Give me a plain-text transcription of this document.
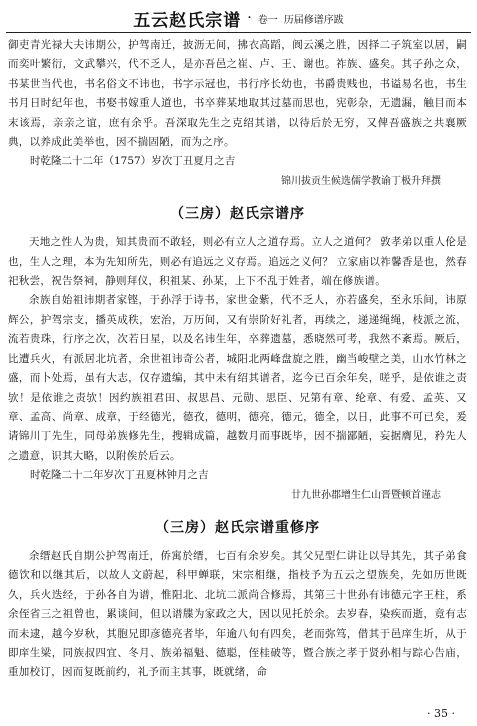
五云赵氏宗谱 · 卷一 历届修谱序跋

御吏青光禄大夫讳期公，护驾南迁，披沥无间，拂衣高蹈，阆云溪之胜，因择二子筑室以居，嗣而奕叶繁衍，文武攀兴，代不乏人，是亦吾邑之崔、卢、王、谢也。祚族、盛矣。其子孙之众，书某世当代也，书名俗文不讳也，书字示冠也，书行序长幼也，书爵贵贱也，书谥易名也，书生书月日时纪年也，书娶书嫁重人道也，书卒葬某地取其过墓而思也，宪彰杂，无遗漏，触目而本末该焉，亲亲之谊，庶有余乎。吾深取先生之克绍其谱，以待后於无穷，又俾吾盛族之共襄厥典，以养成此美举也，因不揣固陋，而为之序。

时乾隆二十二年（1757）岁次丁丑夏月之吉
锦川拔贡生候选儒学教谕丁极升拜撰
（三房）赵氏宗谱序

天地之性人为贵，知其贵而不敢轻，则必有立人之道存焉。立人之道何？ 敦孝弟以重人伦是也，生人之理，本为先知所先，则必有追远之义存焉。追远之义何？ 立家庙以祚馨香是也，然春祀秋尝，祝告祭祠，静则拜仪，积祖某、孙某，上下不乱于姓者，端在修族谱。

余族自始祖讳期者家铿，于孙浮于诗书，家世金紫，代不乏人，亦若盛矣，至永乐间，讳原辉公，护驾宗支，播英成秩，宏治，万历间，又有崇阶好礼者，再续之，递递绳绳，枝派之流，流若贵珠，行序之次，次若日星，以及名讳生年，卒葬遗墓，悉晓然可考，我然不紊焉。厥后，比遭兵火，有派居北坑者，余世祖讳奇公者，城阳北两峰盘旋之胜，幽当峻壁之美，山水竹林之盛，而卜处焉，虽有大志，仅存遗编，其中未有绍其谱者，迄今已百余年矣，嗟乎，是依谁之责欤！是依谁之责欤！因约族祖君田、叔思昌、元勋、思臣、兄第有章、纶章、有爱、孟英、又章、孟高、尚章、成章，于经德光，德孜，德明，德亮，德元，德全，以日，此事不可已矣，爰请锦川丁先生，同母弟族修先生，搜辑成篇，越数月而事既毕，因不揣鄙陋，妄据膺见，矜先人之遗意，识其大略，以附俟於后云。

时乾隆二十二年岁次丁丑夏林钟月之吉
廿九世孙郡增生仁山晋暨顿首谨志
（三房）赵氏宗谱重修序

余缙赵氏自期公护驾南迁，侨寓於缙，七百有余岁矣。其父兄型仁讲让以导其先，其子弟食德饮和以继其后，以故人文蔚起，科甲蝉联，宋宗相继，指枝予为五云之望族矣，先如历世既久，兵火迭经，于孙各自为谱，惟阳北、北坑二派尚合修焉，其第三十世孙有讳德元字王柱，系余侄省三之祖曾也，累谈间，但以谱牒为家政之大，因以见托於余。去岁春，染疾而逝，竟有志而未逮，越今岁秋，其胞兄即彦德亮者毕，年逾八旬有四矣，老而弥笃，借其于邑庠生圻，从于即庠生梁，同族叔四宜、冬月、族弟福魁、德聪，侄桂破等，暨合族之孝于贤孙相与踪心告庙，重加校订，因而复既前约，礼予而主其事，既就绪，命

· 35 ·
